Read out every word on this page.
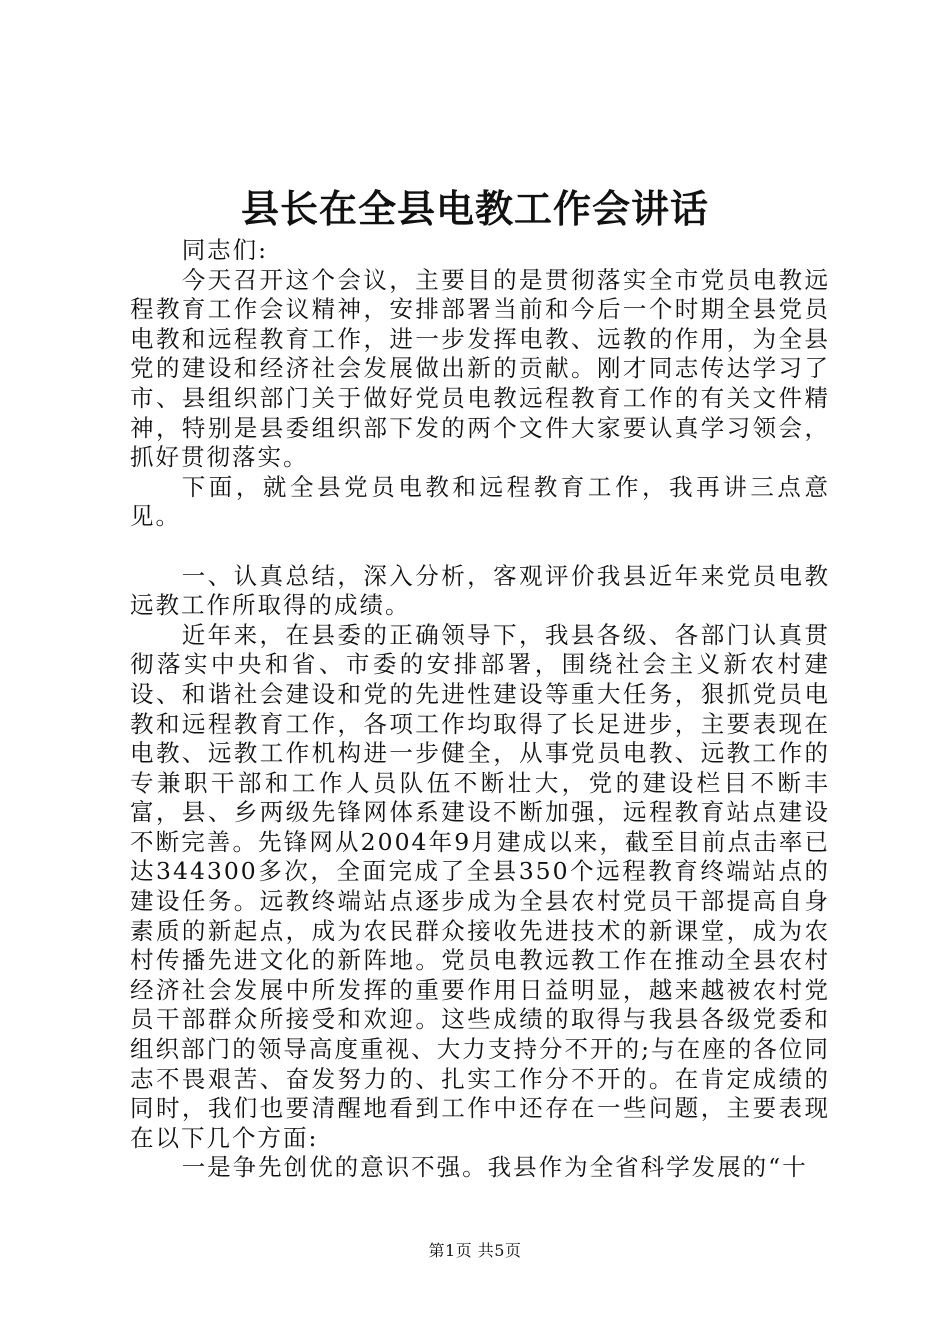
县长在全县电教工作会讲话

同志们:

今天召开这个会议，主要目的是贯彻落实全市党员电教远程教育工作会议精神，安排部署当前和今后一个时期全县党员电教和远程教育工作，进一步发挥电教、远教的作用，为全县党的建设和经济社会发展做出新的贡献。刚才同志传达学习了市、县组织部门关于做好党员电教远程教育工作的有关文件精神，特别是县委组织部下发的两个文件大家要认真学习领会，抓好贯彻落实。

下面，就全县党员电教和远程教育工作，我再讲三点意见。

一、认真总结，深入分析，客观评价我县近年来党员电教远教工作所取得的成绩。

近年来，在县委的正确领导下，我县各级、各部门认真贯彻落实中央和省、市委的安排部署，围绕社会主义新农村建设、和谐社会建设和党的先进性建设等重大任务，狠抓党员电教和远程教育工作，各项工作均取得了长足进步，主要表现在电教、远教工作机构进一步健全，从事党员电教、远教工作的专兼职干部和工作人员队伍不断壮大，党的建设栏目不断丰富，县、乡两级先锋网体系建设不断加强，远程教育站点建设不断完善。先锋网从2004年9月建成以来，截至目前点击率已达344300多次，全面完成了全县350个远程教育终端站点的建设任务。远教终端站点逐步成为全县农村党员干部提高自身素质的新起点，成为农民群众接收先进技术的新课堂，成为农村传播先进文化的新阵地。党员电教远教工作在推动全县农村经济社会发展中所发挥的重要作用日益明显，越来越被农村党员干部群众所接受和欢迎。这些成绩的取得与我县各级党委和组织部门的领导高度重视、大力支持分不开的;与在座的各位同志不畏艰苦、奋发努力的、扎实工作分不开的。在肯定成绩的同时，我们也要清醒地看到工作中还存在一些问题，主要表现在以下几个方面:

一是争先创优的意识不强。我县作为全省科学发展的“十

第1页 共5页
